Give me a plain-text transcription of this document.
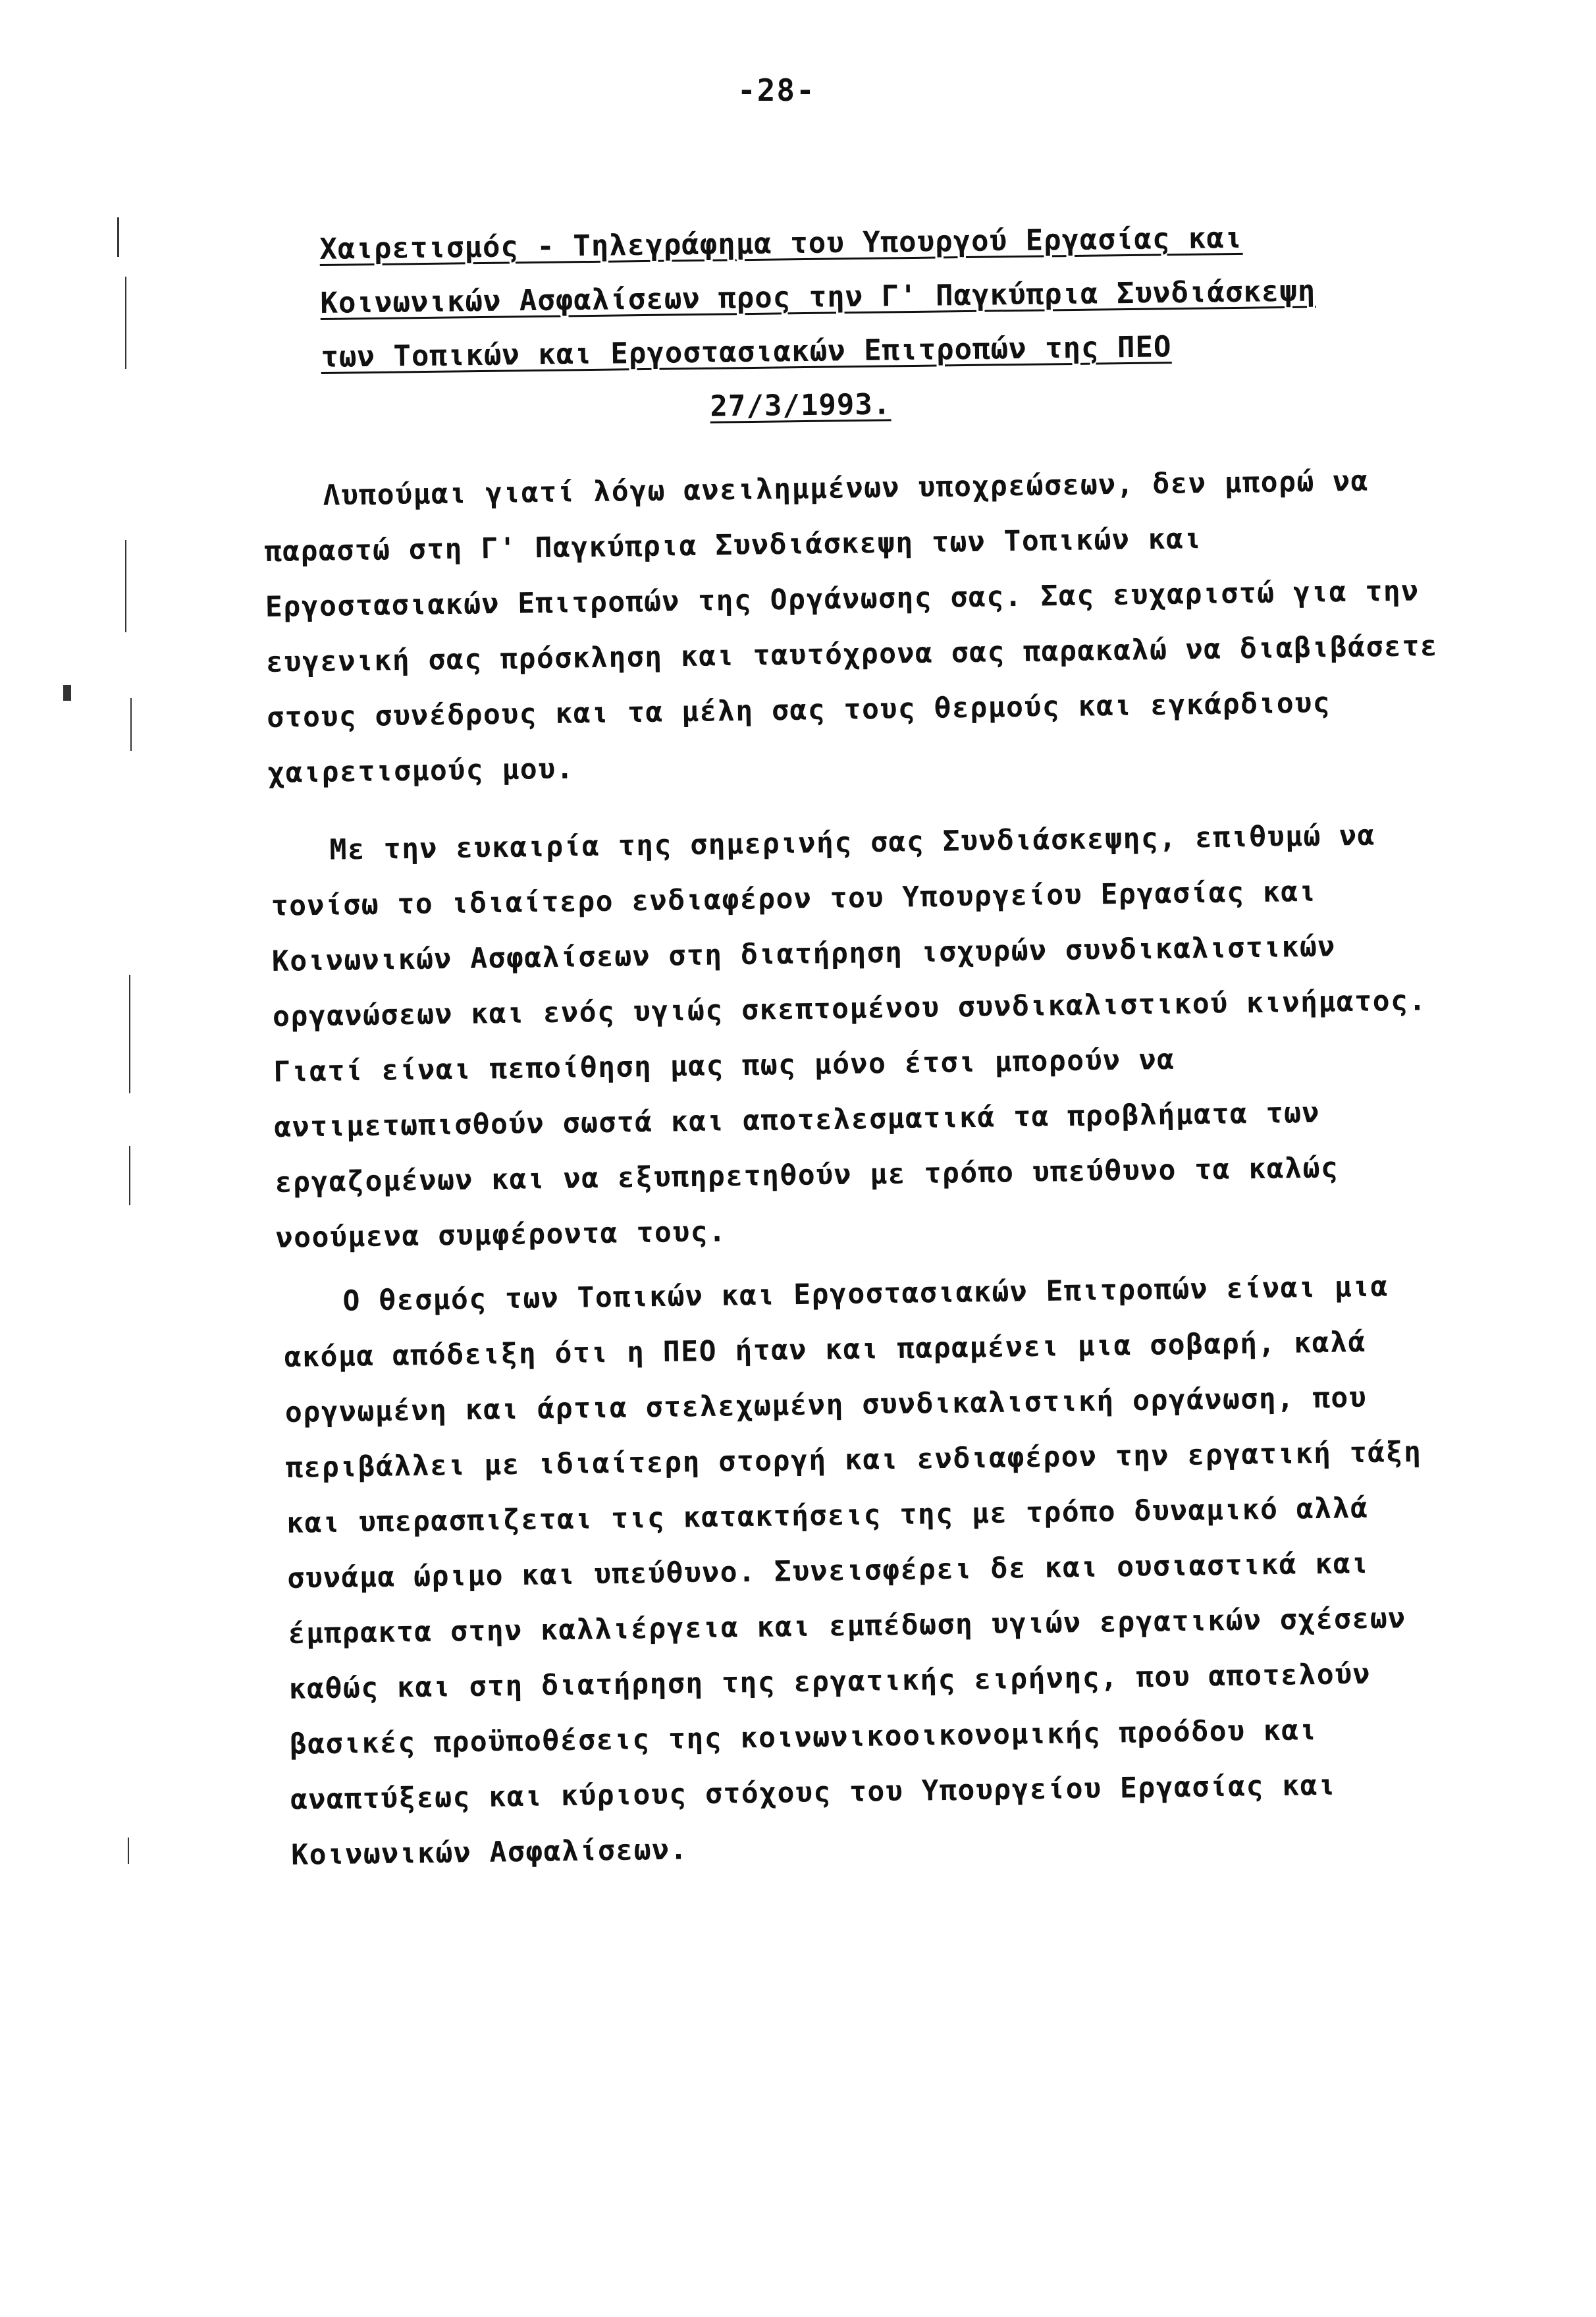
-28-
Χαιρετισμός - Τηλεγράφημα του Υπουργού Εργασίας και
Κοινωνικών Ασφαλίσεων προς την Γ' Παγκύπρια Συνδιάσκεψη
των Τοπικών και Εργοστασιακών Επιτροπών της ΠΕΟ
27/3/1993.
Λυπούμαι γιατί λόγω ανειλημμένων υποχρεώσεων, δεν μπορώ να
παραστώ στη Γ' Παγκύπρια Συνδιάσκεψη των Τοπικών και
Εργοστασιακών Επιτροπών της Οργάνωσης σας. Σας ευχαριστώ για την
ευγενική σας πρόσκληση και ταυτόχρονα σας παρακαλώ να διαβιβάσετε
στους συνέδρους και τα μέλη σας τους θερμούς και εγκάρδιους
χαιρετισμούς μου.
Με την ευκαιρία της σημερινής σας Συνδιάσκεψης, επιθυμώ να
τονίσω το ιδιαίτερο ενδιαφέρον του Υπουργείου Εργασίας και
Κοινωνικών Ασφαλίσεων στη διατήρηση ισχυρών συνδικαλιστικών
οργανώσεων και ενός υγιώς σκεπτομένου συνδικαλιστικού κινήματος.
Γιατί είναι πεποίθηση μας πως μόνο έτσι μπορούν να
αντιμετωπισθούν σωστά και αποτελεσματικά τα προβλήματα των
εργαζομένων και να εξυπηρετηθούν με τρόπο υπεύθυνο τα καλώς
νοούμενα συμφέροντα τους.
Ο θεσμός των Τοπικών και Εργοστασιακών Επιτροπών είναι μια
ακόμα απόδειξη ότι η ΠΕΟ ήταν και παραμένει μια σοβαρή, καλά
οργνωμένη και άρτια στελεχωμένη συνδικαλιστική οργάνωση, που
περιβάλλει με ιδιαίτερη στοργή και ενδιαφέρον την εργατική τάξη
και υπερασπιζεται τις κατακτήσεις της με τρόπο δυναμικό αλλά
συνάμα ώριμο και υπεύθυνο. Συνεισφέρει δε και ουσιαστικά και
έμπρακτα στην καλλιέργεια και εμπέδωση υγιών εργατικών σχέσεων
καθώς και στη διατήρηση της εργατικής ειρήνης, που αποτελούν
βασικές προϋποθέσεις της κοινωνικοοικονομικής προόδου και
αναπτύξεως και κύριους στόχους του Υπουργείου Εργασίας και
Κοινωνικών Ασφαλίσεων.
